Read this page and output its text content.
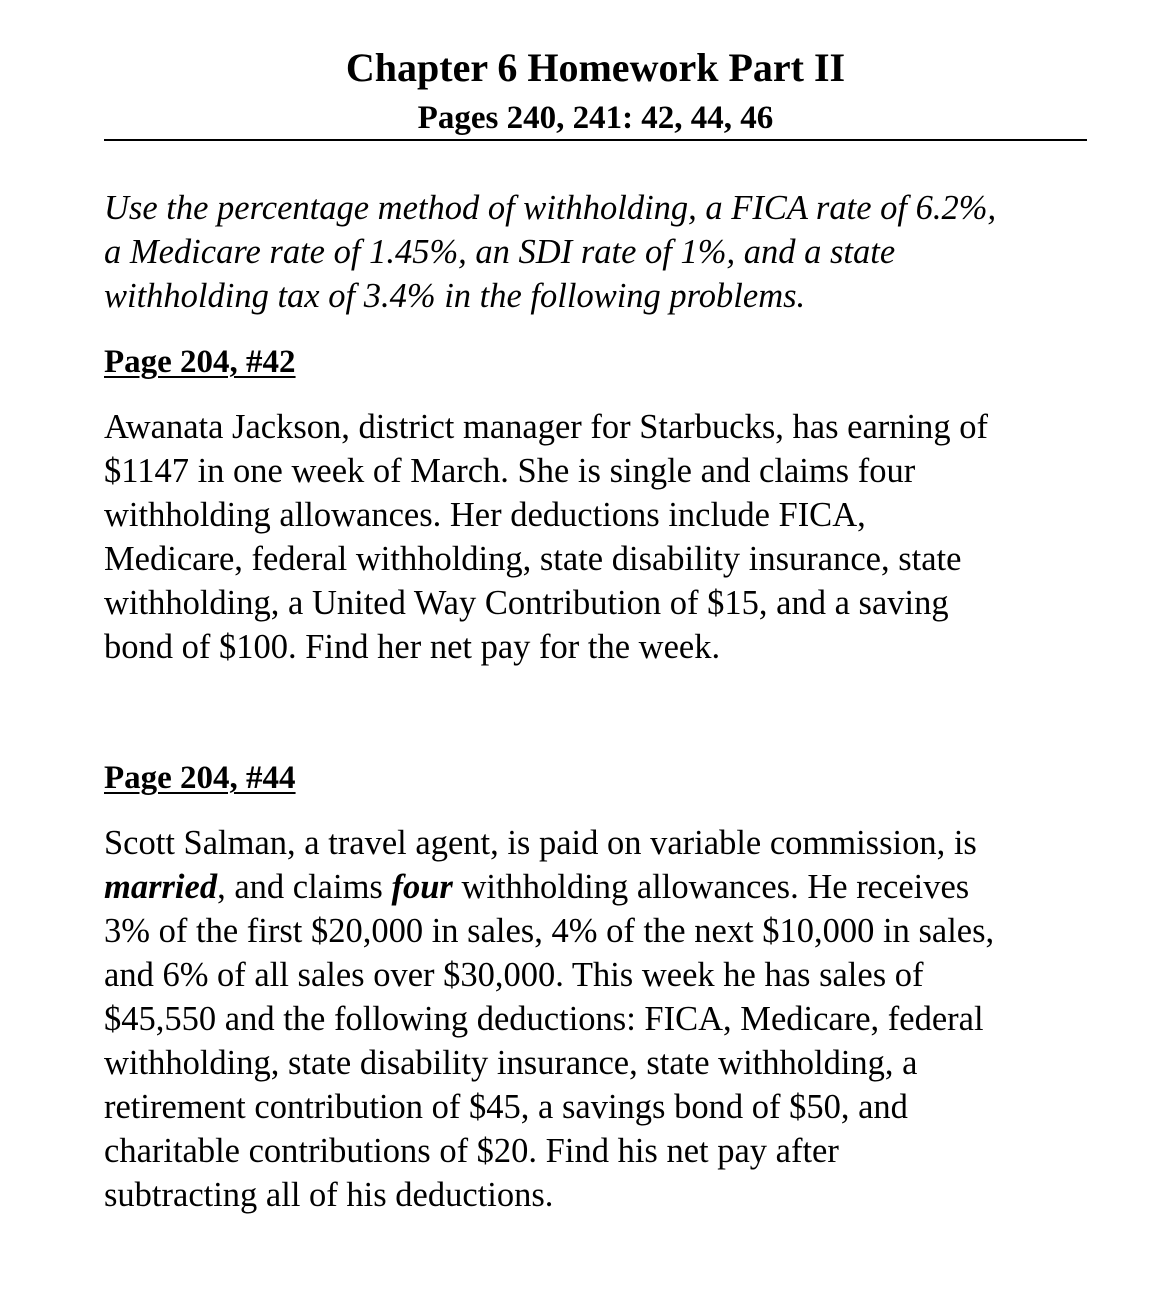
Chapter 6 Homework Part II
Pages 240, 241: 42, 44, 46

Use the percentage method of withholding, a FICA rate of 6.2%,
a Medicare rate of 1.45%, an SDI rate of 1%, and a state
withholding tax of 3.4% in the following problems.

Page 204, #42

Awanata Jackson, district manager for Starbucks, has earning of
$1147 in one week of March. She is single and claims four
withholding allowances. Her deductions include FICA,
Medicare, federal withholding, state disability insurance, state
withholding, a United Way Contribution of $15, and a saving
bond of $100. Find her net pay for the week.

Page 204, #44

Scott Salman, a travel agent, is paid on variable commission, is
married, and claims four withholding allowances. He receives
3% of the first $20,000 in sales, 4% of the next $10,000 in sales,
and 6% of all sales over $30,000. This week he has sales of
$45,550 and the following deductions: FICA, Medicare, federal
withholding, state disability insurance, state withholding, a
retirement contribution of $45, a savings bond of $50, and
charitable contributions of $20. Find his net pay after
subtracting all of his deductions.
